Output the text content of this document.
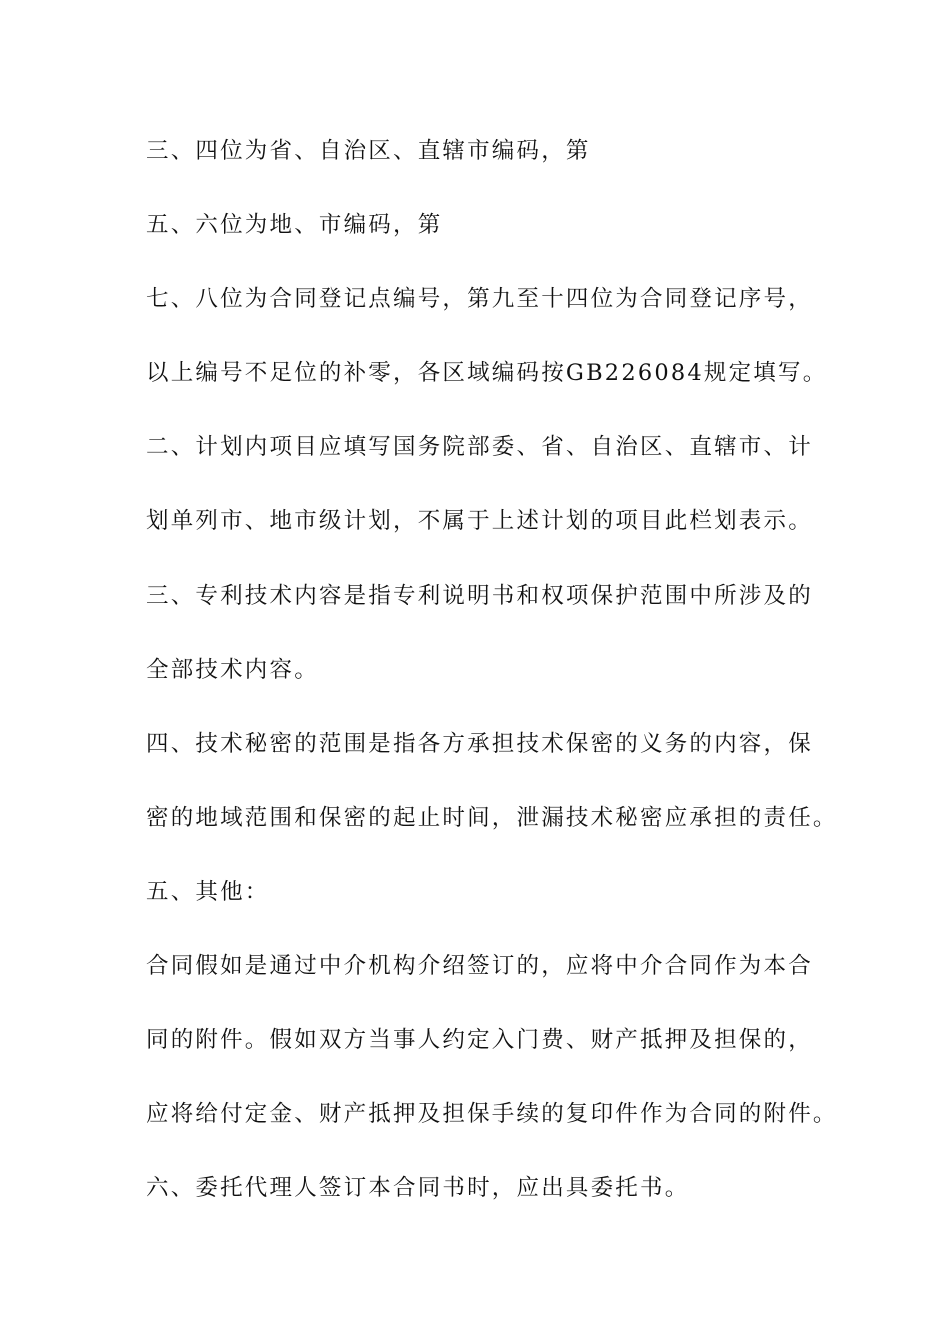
三、四位为省、自治区、直辖市编码，第
五、六位为地、市编码，第
七、八位为合同登记点编号，第九至十四位为合同登记序号，
以上编号不足位的补零，各区域编码按GB226084规定填写。
二、计划内项目应填写国务院部委、省、自治区、直辖市、计
划单列市、地市级计划，不属于上述计划的项目此栏划表示。
三、专利技术内容是指专利说明书和权项保护范围中所涉及的
全部技术内容。
四、技术秘密的范围是指各方承担技术保密的义务的内容，保
密的地域范围和保密的起止时间，泄漏技术秘密应承担的责任。
五、其他：
合同假如是通过中介机构介绍签订的，应将中介合同作为本合
同的附件。假如双方当事人约定入门费、财产抵押及担保的，
应将给付定金、财产抵押及担保手续的复印件作为合同的附件。
六、委托代理人签订本合同书时，应出具委托书。
